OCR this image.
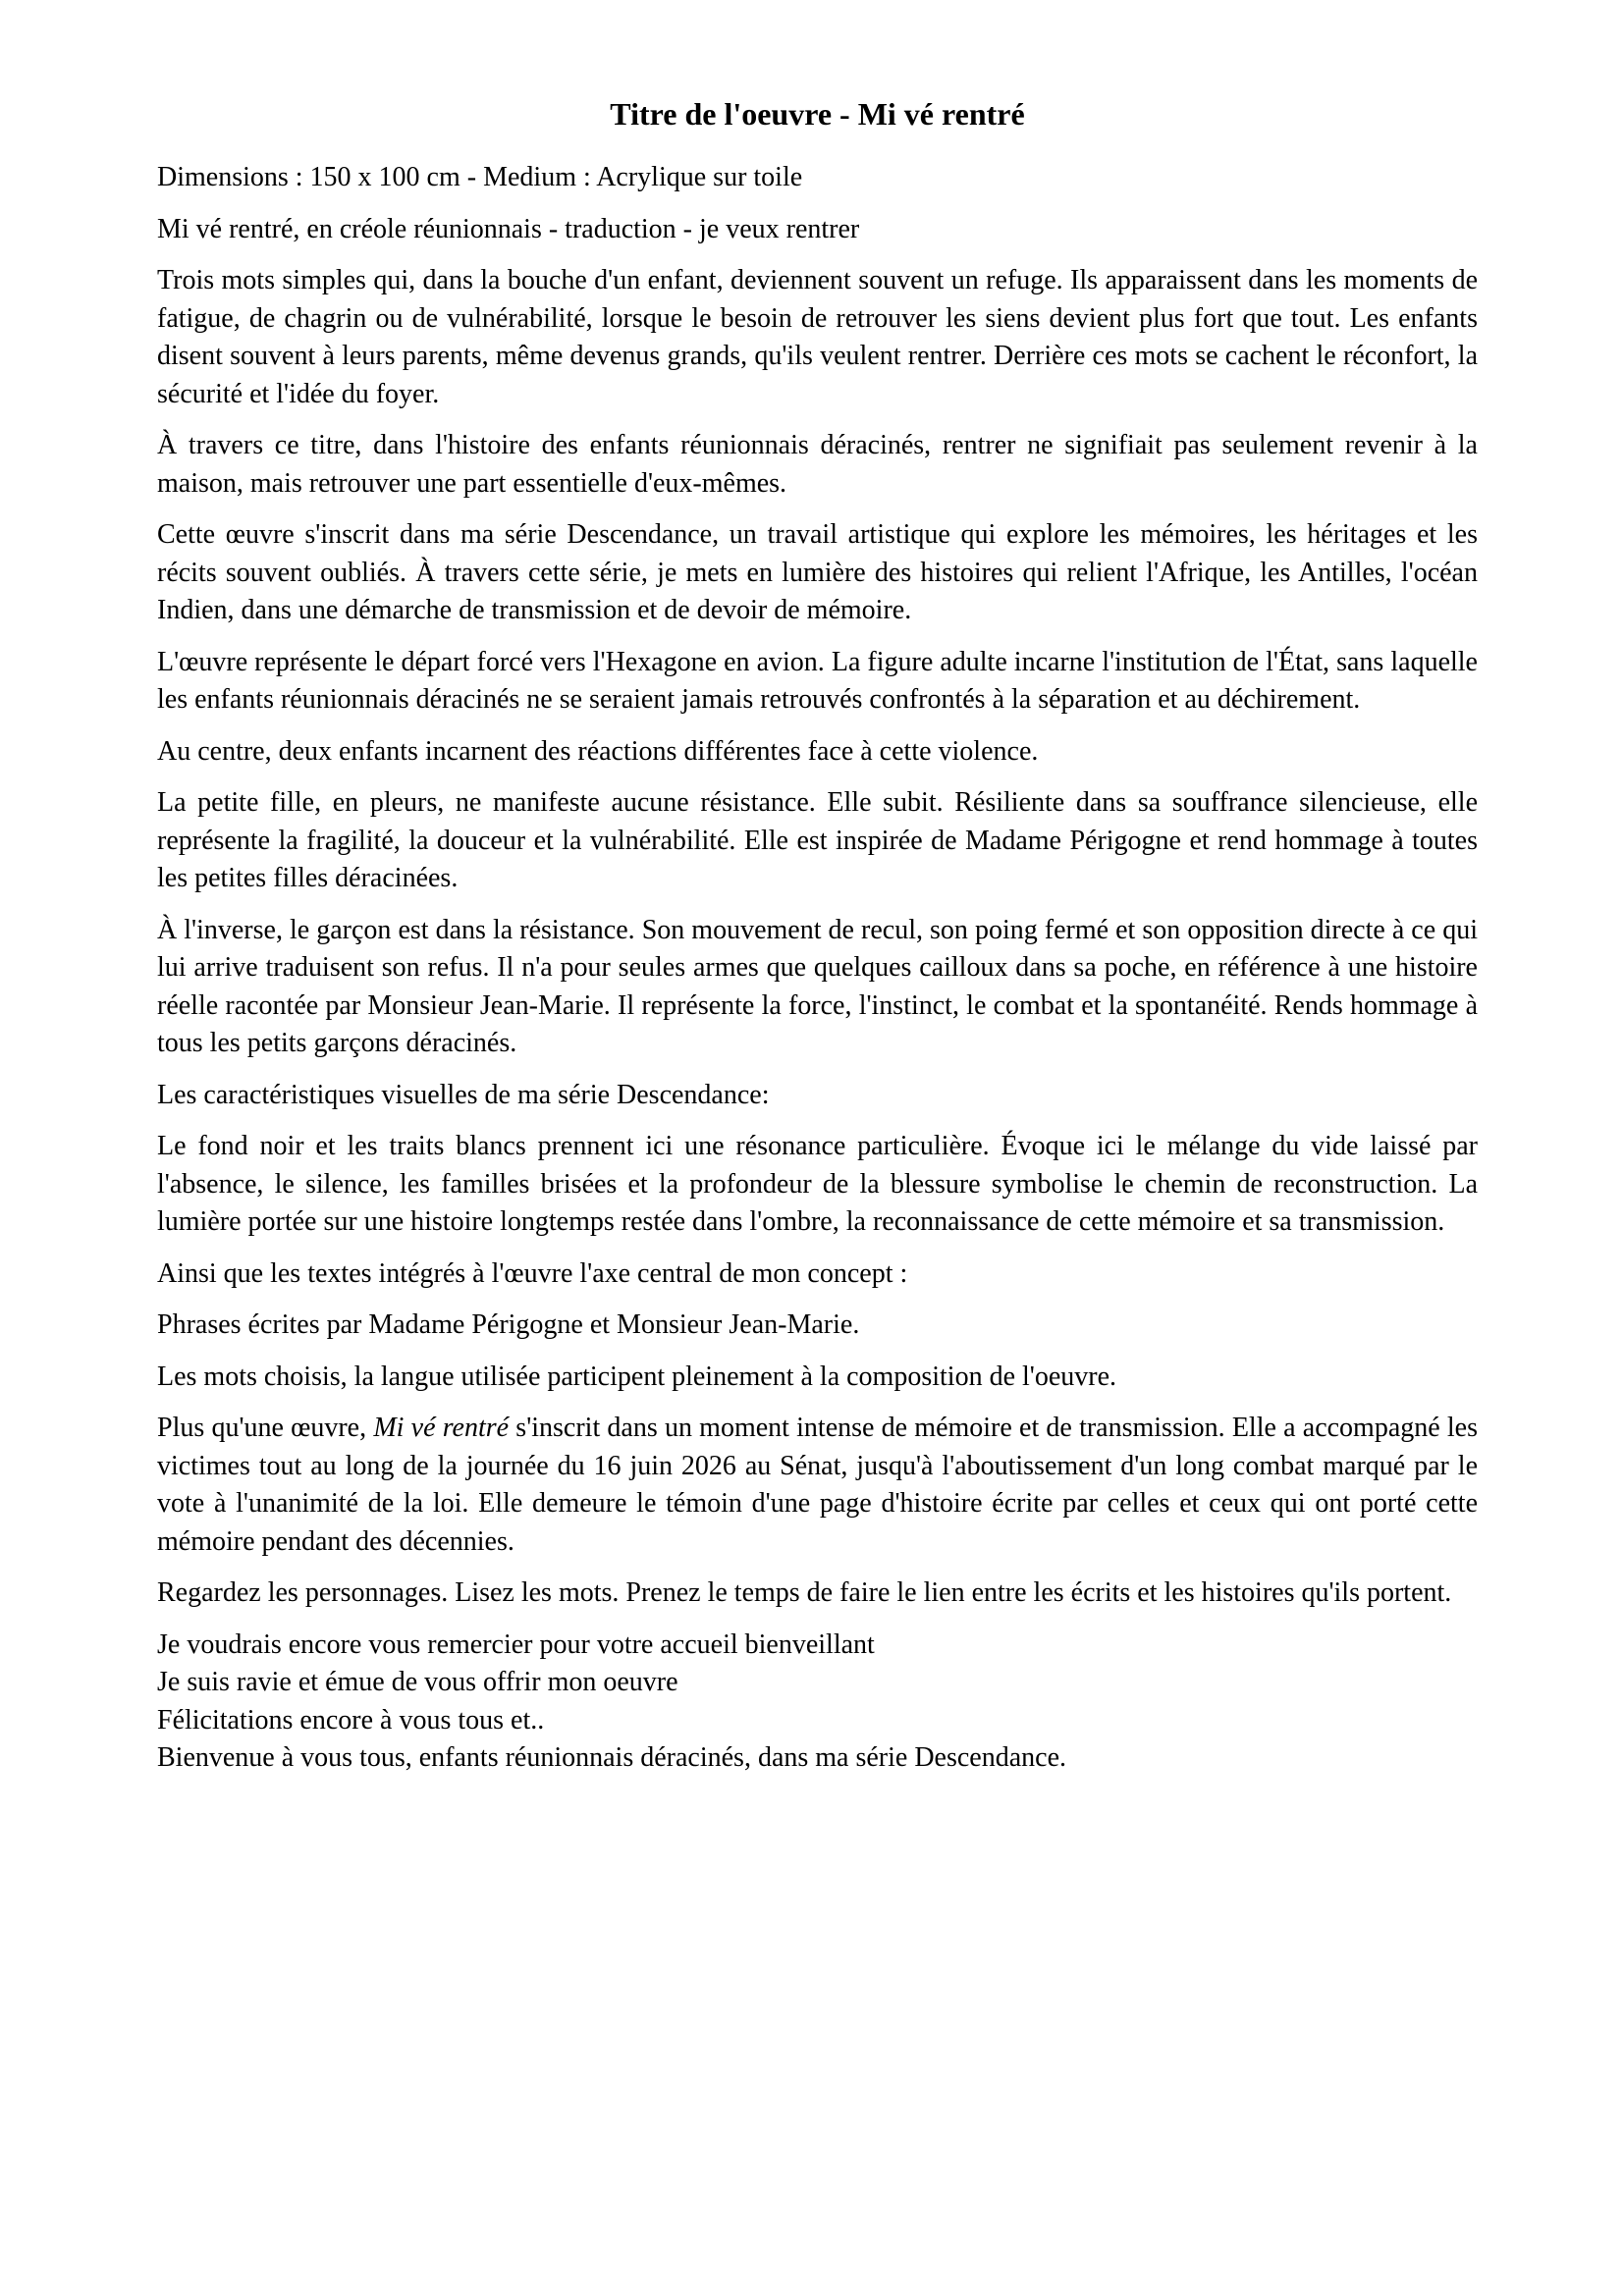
Titre de l'oeuvre - Mi vé rentré

Dimensions : 150 x 100 cm - Medium : Acrylique sur toile

Mi vé rentré, en créole réunionnais - traduction - je veux rentrer

Trois mots simples qui, dans la bouche d'un enfant, deviennent souvent un refuge. Ils apparaissent dans les moments de fatigue, de chagrin ou de vulnérabilité, lorsque le besoin de retrouver les siens devient plus fort que tout. Les enfants disent souvent à leurs parents, même devenus grands, qu'ils veulent rentrer. Derrière ces mots se cachent le réconfort, la sécurité et l'idée du foyer.

À travers ce titre, dans l'histoire des enfants réunionnais déracinés, rentrer ne signifiait pas seulement revenir à la maison, mais retrouver une part essentielle d'eux-mêmes.

Cette œuvre s'inscrit dans ma série Descendance, un travail artistique qui explore les mémoires, les héritages et les récits souvent oubliés. À travers cette série, je mets en lumière des histoires qui relient l'Afrique, les Antilles, l'océan Indien, dans une démarche de transmission et de devoir de mémoire.

L'œuvre représente le départ forcé vers l'Hexagone en avion. La figure adulte incarne l'institution de l'État, sans laquelle les enfants réunionnais déracinés ne se seraient jamais retrouvés confrontés à la séparation et au déchirement.

Au centre, deux enfants incarnent des réactions différentes face à cette violence.

La petite fille, en pleurs, ne manifeste aucune résistance. Elle subit. Résiliente dans sa souffrance silencieuse, elle représente la fragilité, la douceur et la vulnérabilité. Elle est inspirée de Madame Périgogne et rend hommage à toutes les petites filles déracinées.

À l'inverse, le garçon est dans la résistance. Son mouvement de recul, son poing fermé et son opposition directe à ce qui lui arrive traduisent son refus. Il n'a pour seules armes que quelques cailloux dans sa poche, en référence à une histoire réelle racontée par Monsieur Jean-Marie. Il représente la force, l'instinct, le combat et la spontanéité. Rends hommage à tous les petits garçons déracinés.

Les caractéristiques visuelles de ma série Descendance:

Le fond noir et les traits blancs prennent ici une résonance particulière. Évoque ici le mélange du vide laissé par l'absence, le silence, les familles brisées et la profondeur de la blessure symbolise le chemin de reconstruction. La lumière portée sur une histoire longtemps restée dans l'ombre, la reconnaissance de cette mémoire et sa transmission.

Ainsi que les textes intégrés à l'œuvre l'axe central de mon concept :

Phrases écrites par Madame Périgogne et Monsieur Jean-Marie.

Les mots choisis, la langue utilisée participent pleinement à la composition de l'oeuvre.

Plus qu'une œuvre, Mi vé rentré s'inscrit dans un moment intense de mémoire et de transmission. Elle a accompagné les victimes tout au long de la journée du 16 juin 2026 au Sénat, jusqu'à l'aboutissement d'un long combat marqué par le vote à l'unanimité de la loi. Elle demeure le témoin d'une page d'histoire écrite par celles et ceux qui ont porté cette mémoire pendant des décennies.

Regardez les personnages. Lisez les mots. Prenez le temps de faire le lien entre les écrits et les histoires qu'ils portent.

Je voudrais encore vous remercier pour votre accueil bienveillant
Je suis ravie et émue de vous offrir mon oeuvre
Félicitations encore à vous tous et..
Bienvenue à vous tous, enfants réunionnais déracinés, dans ma série Descendance.
